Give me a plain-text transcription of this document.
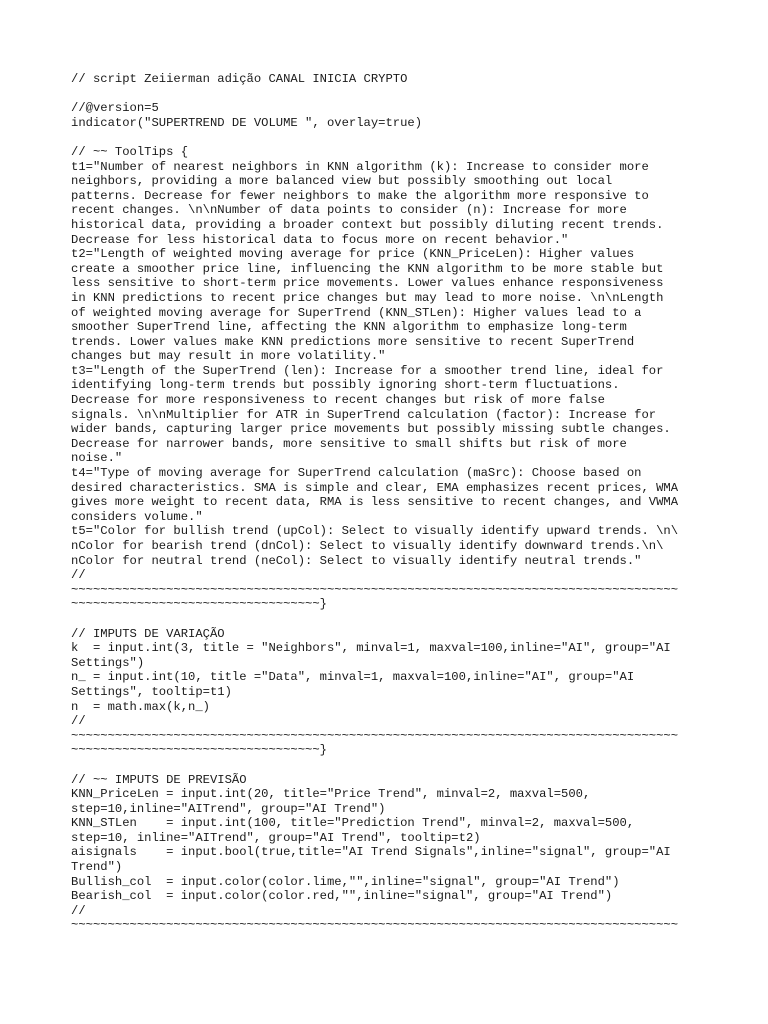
// script Zeiierman adição CANAL INICIA CRYPTO
//@version=5
indicator("SUPERTREND DE VOLUME ", overlay=true)
// ~~ ToolTips {
t1="Number of nearest neighbors in KNN algorithm (k): Increase to consider more
neighbors, providing a more balanced view but possibly smoothing out local
patterns. Decrease for fewer neighbors to make the algorithm more responsive to
recent changes. \n\nNumber of data points to consider (n): Increase for more
historical data, providing a broader context but possibly diluting recent trends.
Decrease for less historical data to focus more on recent behavior."
t2="Length of weighted moving average for price (KNN_PriceLen): Higher values
create a smoother price line, influencing the KNN algorithm to be more stable but
less sensitive to short-term price movements. Lower values enhance responsiveness
in KNN predictions to recent price changes but may lead to more noise. \n\nLength
of weighted moving average for SuperTrend (KNN_STLen): Higher values lead to a
smoother SuperTrend line, affecting the KNN algorithm to emphasize long-term
trends. Lower values make KNN predictions more sensitive to recent SuperTrend
changes but may result in more volatility."
t3="Length of the SuperTrend (len): Increase for a smoother trend line, ideal for
identifying long-term trends but possibly ignoring short-term fluctuations.
Decrease for more responsiveness to recent changes but risk of more false
signals. \n\nMultiplier for ATR in SuperTrend calculation (factor): Increase for
wider bands, capturing larger price movements but possibly missing subtle changes.
Decrease for narrower bands, more sensitive to small shifts but risk of more
noise."
t4="Type of moving average for SuperTrend calculation (maSrc): Choose based on
desired characteristics. SMA is simple and clear, EMA emphasizes recent prices, WMA
gives more weight to recent data, RMA is less sensitive to recent changes, and VWMA
considers volume."
t5="Color for bullish trend (upCol): Select to visually identify upward trends. \n\
nColor for bearish trend (dnCol): Select to visually identify downward trends.\n\
nColor for neutral trend (neCol): Select to visually identify neutral trends."
//
~~~~~~~~~~~~~~~~~~~~~~~~~~~~~~~~~~~~~~~~~~~~~~~~~~~~~~~~~~~~~~~~~~~~~~~~~~~~~~~~~~~
~~~~~~~~~~~~~~~~~~~~~~~~~~~~~~~~~~}
// IMPUTS DE VARIAÇÃO
k  = input.int(3, title = "Neighbors", minval=1, maxval=100,inline="AI", group="AI
Settings")
n_ = input.int(10, title ="Data", minval=1, maxval=100,inline="AI", group="AI
Settings", tooltip=t1)
n  = math.max(k,n_)
//
~~~~~~~~~~~~~~~~~~~~~~~~~~~~~~~~~~~~~~~~~~~~~~~~~~~~~~~~~~~~~~~~~~~~~~~~~~~~~~~~~~~
~~~~~~~~~~~~~~~~~~~~~~~~~~~~~~~~~~}
// ~~ IMPUTS DE PREVISÃO
KNN_PriceLen = input.int(20, title="Price Trend", minval=2, maxval=500,
step=10,inline="AITrend", group="AI Trend")
KNN_STLen    = input.int(100, title="Prediction Trend", minval=2, maxval=500,
step=10, inline="AITrend", group="AI Trend", tooltip=t2)
aisignals    = input.bool(true,title="AI Trend Signals",inline="signal", group="AI
Trend")
Bullish_col  = input.color(color.lime,"",inline="signal", group="AI Trend")
Bearish_col  = input.color(color.red,"",inline="signal", group="AI Trend")
//
~~~~~~~~~~~~~~~~~~~~~~~~~~~~~~~~~~~~~~~~~~~~~~~~~~~~~~~~~~~~~~~~~~~~~~~~~~~~~~~~~~~
